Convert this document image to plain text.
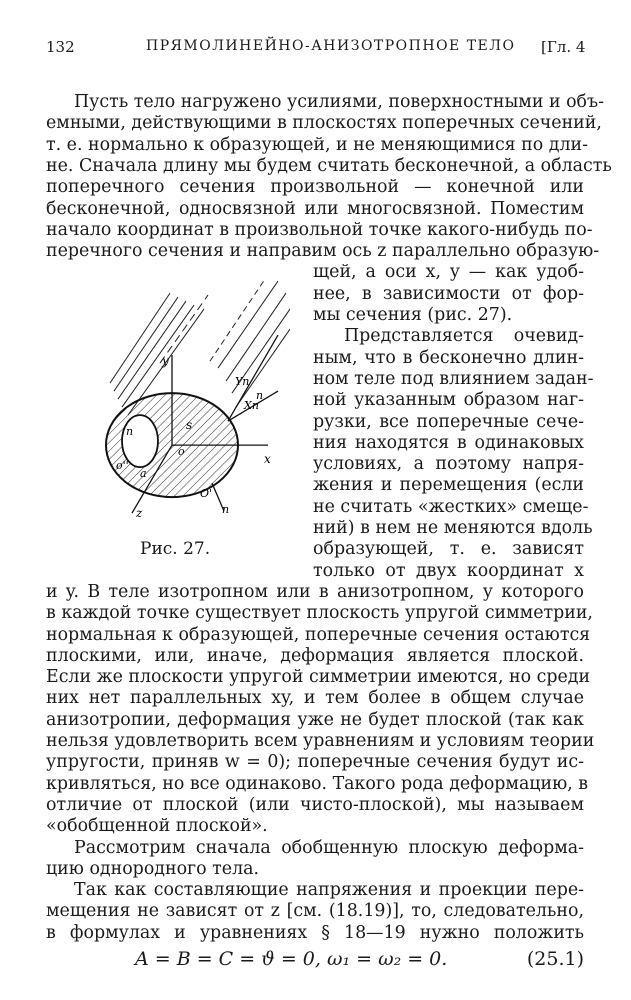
132	ПРЯМОЛИНЕЙНО-АНИЗОТРОПНОЕ ТЕЛО [Гл. 4
Пусть тело нагружено усилиями, поверхностными и объ-
емными, действующими в плоскостях поперечных сечений,
т. е. нормально к образующей, и не меняющимися по дли-
не. Сначала длину мы будем считать бесконечной, а область
поперечного сечения произвольной — конечной или
бесконечной, односвязной или многосвязной. Поместим
начало координат в произвольной точке какого-нибудь по-
перечного сечения и направим ось z параллельно образую-
щей, а оси x, y — как удоб-
нее, в зависимости от фор-
мы сечения (рис. 27).
Представляется очевид-
ным, что в бесконечно длин-
ном теле под влиянием задан-
ной указанным образом наг-
рузки, все поперечные сече-
ния находятся в одинаковых
условиях, а поэтому напря-
жения и перемещения (если
не считать «жестких» смеще-
ний) в нем не меняются вдоль
образующей, т. е. зависят
только от двух координат x
и y. В теле изотропном или в анизотропном, у которого
в каждой точке существует плоскость упругой симметрии,
нормальная к образующей, поперечные сечения остаются
плоскими, или, иначе, деформация является плоской.
Если же плоскости упругой симметрии имеются, но среди
них нет параллельных xy, и тем более в общем случае
анизотропии, деформация уже не будет плоской (так как
нельзя удовлетворить всем уравнениям и условиям теории
упругости, приняв w = 0); поперечные сечения будут ис-
кривляться, но все одинаково. Такого рода деформацию, в
отличие от плоской (или чисто-плоской), мы называем
«обобщенной плоской».
Рассмотрим сначала обобщенную плоскую деформа-
цию однородного тела.
Так как составляющие напряжения и проекции пере-
мещения не зависят от z [см. (18.19)], то, следовательно,
в формулах и уравнениях § 18—19 нужно положить
y
x
z
o
s
Yn
Xn
n
n
n
O'
a
o''
Рис. 27.
A = B = C = ϑ = 0, ω₁ = ω₂ = 0.	(25.1)
